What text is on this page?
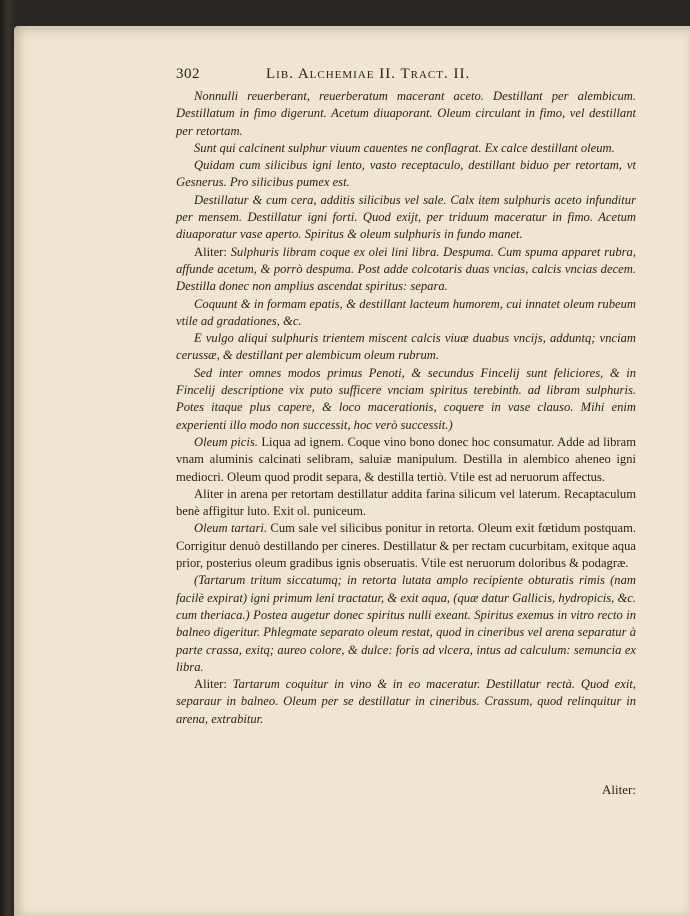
302	Lib. Alchemiae II. Tract. II.

Nonnulli reuerberant, reuerberatum macerant aceto. Destillant per alembicum. Destillatum in fimo digerunt. Acetum diuaporant. Oleum circulant in fimo, vel destillant per retortam.

Sunt qui calcinent sulphur viuum cauentes ne conflagrat. Ex calce destillant oleum.

Quidam cum silicibus igni lento, vasto receptaculo, destillant biduo per retortam, vt Gesnerus. Pro silicibus pumex est.

Destillatur & cum cera, additis silicibus vel sale. Calx item sulphuris aceto infunditur per mensem. Destillatur igni forti. Quod exijt, per triduum maceratur in fimo. Acetum diuaporatur vase aperto. Spiritus & oleum sulphuris in fundo manet.

Aliter: Sulphuris libram coque ex olei lini libra. Despuma. Cum spuma apparet rubra, affunde acetum, & porrò despuma. Post adde colcotaris duas vncias, calcis vncias decem. Destilla donec non amplius ascendat spiritus: separa.

Coquunt & in formam epatis, & destillant lacteum humorem, cui innatet oleum rubeum vtile ad gradationes, &c.

E vulgo aliqui sulphuris trientem miscent calcis viuæ duabus vncijs, adduntq; vnciam cerussæ, & destillant per alembicum oleum rubrum.

Sed inter omnes modos primus Penoti, & secundus Fincelij sunt feliciores, & in Fincelij descriptione vix puto sufficere vnciam spiritus terebinth. ad libram sulphuris. Potes itaque plus capere, & loco macerationis, coquere in vase clauso. Mihi enim experienti illo modo non successit, hoc verò successit.)

Oleum picis. Liqua ad ignem. Coque vino bono donec hoc consumatur. Adde ad libram vnam aluminis calcinati selibram, saluiæ manipulum. Destilla in alembico aheneo igni mediocri. Oleum quod prodit separa, & destilla tertiò. Vtile est ad neruorum affectus.

Aliter in arena per retortam destillatur addita farina silicum vel laterum. Recaptaculum benè affigitur luto. Exit ol. puniceum.

Oleum tartari. Cum sale vel silicibus ponitur in retorta. Oleum exit fœtidum postquam. Corrigitur denuò destillando per cineres. Destillatur & per rectam cucurbitam, exitque aqua prior, posterius oleum gradibus ignis obseruatis. Vtile est neruorum doloribus & podagræ.

(Tartarum tritum siccatumq; in retorta lutata amplo recipiente obturatis rimis (nam facilè expirat) igni primum leni tractatur, & exit aqua, (quæ datur Gallicis, hydropicis, &c. cum theriaca.) Postea augetur donec spiritus nulli exeant. Spiritus exemus in vitro recto in balneo digeritur. Phlegmate separato oleum restat, quod in cineribus vel arena separatur à parte crassa, exitq; aureo colore, & dulce: foris ad vlcera, intus ad calculum: semuncia ex libra.

Aliter: Tartarum coquitur in vino & in eo maceratur. Destillatur rectà. Quod exit, separaur in balneo. Oleum per se destillatur in cineribus. Crassum, quod relinquitur in arena, extrabitur.

Aliter:
